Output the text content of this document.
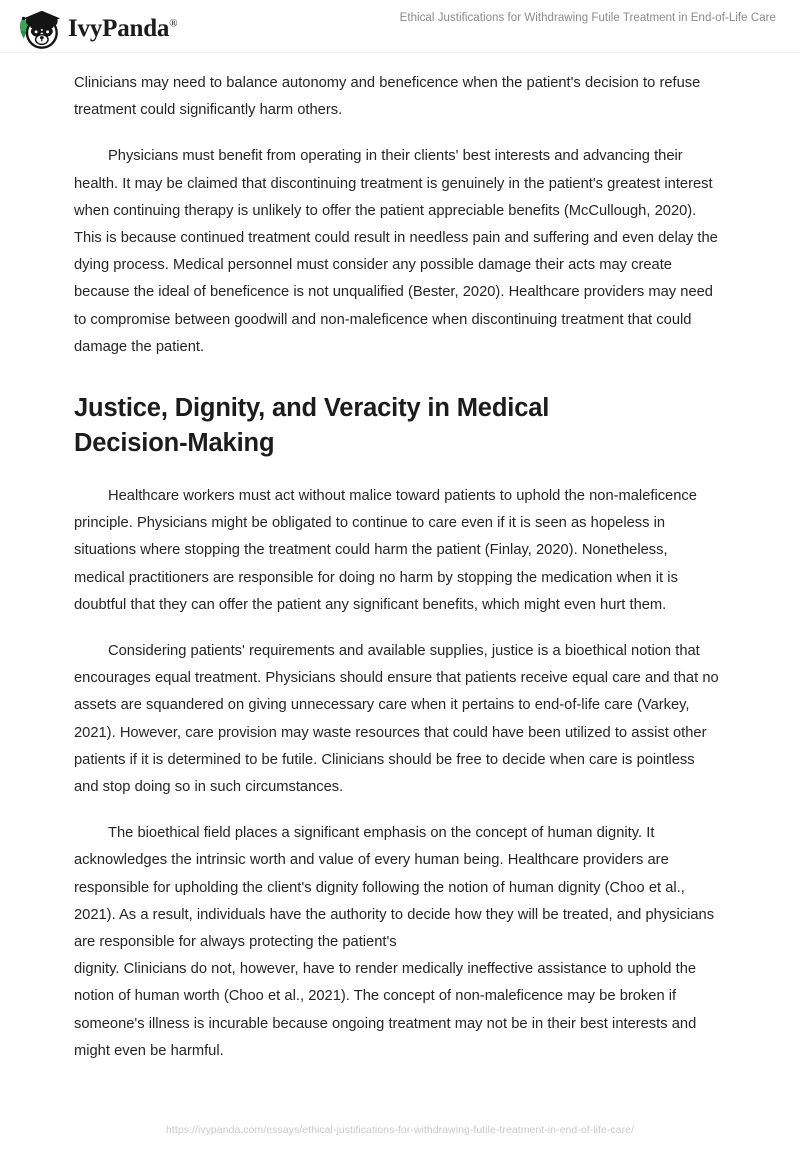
IvyPanda®	Ethical Justifications for Withdrawing Futile Treatment in End-of-Life Care

Clinicians may need to balance autonomy and beneficence when the patient's decision to refuse treatment could significantly harm others.

Physicians must benefit from operating in their clients' best interests and advancing their health. It may be claimed that discontinuing treatment is genuinely in the patient's greatest interest when continuing therapy is unlikely to offer the patient appreciable benefits (McCullough, 2020). This is because continued treatment could result in needless pain and suffering and even delay the dying process. Medical personnel must consider any possible damage their acts may create because the ideal of beneficence is not unqualified (Bester, 2020). Healthcare providers may need to compromise between goodwill and non-maleficence when discontinuing treatment that could damage the patient.

Justice, Dignity, and Veracity in Medical Decision-Making

Healthcare workers must act without malice toward patients to uphold the non-maleficence principle. Physicians might be obligated to continue to care even if it is seen as hopeless in situations where stopping the treatment could harm the patient (Finlay, 2020). Nonetheless, medical practitioners are responsible for doing no harm by stopping the medication when it is doubtful that they can offer the patient any significant benefits, which might even hurt them.

Considering patients' requirements and available supplies, justice is a bioethical notion that encourages equal treatment. Physicians should ensure that patients receive equal care and that no assets are squandered on giving unnecessary care when it pertains to end-of-life care (Varkey, 2021). However, care provision may waste resources that could have been utilized to assist other patients if it is determined to be futile. Clinicians should be free to decide when care is pointless and stop doing so in such circumstances.

The bioethical field places a significant emphasis on the concept of human dignity. It acknowledges the intrinsic worth and value of every human being. Healthcare providers are responsible for upholding the client's dignity following the notion of human dignity (Choo et al., 2021). As a result, individuals have the authority to decide how they will be treated, and physicians are responsible for always protecting the patient's

dignity. Clinicians do not, however, have to render medically ineffective assistance to uphold the notion of human worth (Choo et al., 2021). The concept of non-maleficence may be broken if someone's illness is incurable because ongoing treatment may not be in their best interests and might even be harmful.

https://ivypanda.com/essays/ethical-justifications-for-withdrawing-futile-treatment-in-end-of-life-care/
